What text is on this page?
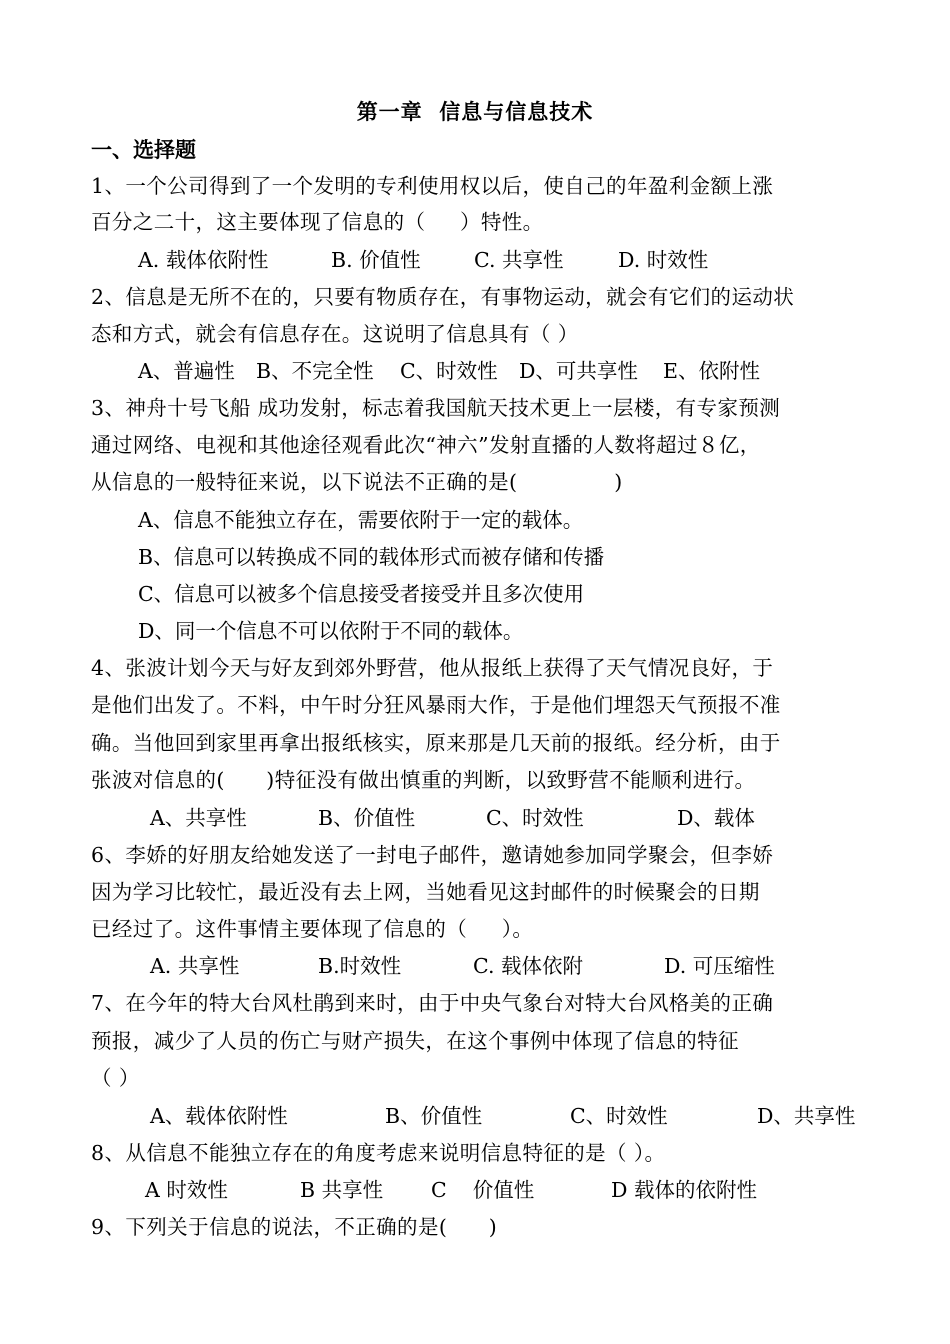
第一章  信息与信息技术
一、选择题
1、一个公司得到了一个发明的专利使用权以后，使自己的年盈利金额上涨
百分之二十，这主要体现了信息的（     ）特性。
A. 载体依附性	B. 价值性	C. 共享性	D. 时效性
2、信息是无所不在的，只要有物质存在，有事物运动，就会有它们的运动状
态和方式，就会有信息存在。这说明了信息具有（ ）
A、普遍性 B、不完全性 C、时效性 D、可共享性 E、依附性
3、神舟十号飞船 成功发射，标志着我国航天技术更上一层楼，有专家预测
通过网络、电视和其他途径观看此次“神六”发射直播的人数将超过８亿，
从信息的一般特征来说，以下说法不正确的是(              )
A、信息不能独立存在，需要依附于一定的载体。
B、信息可以转换成不同的载体形式而被存储和传播
C、信息可以被多个信息接受者接受并且多次使用
D、同一个信息不可以依附于不同的载体。
4、张波计划今天与好友到郊外野营，他从报纸上获得了天气情况良好，于
是他们出发了。不料，中午时分狂风暴雨大作，于是他们埋怨天气预报不准
确。当他回到家里再拿出报纸核实，原来那是几天前的报纸。经分析，由于
张波对信息的(      )特征没有做出慎重的判断，以致野营不能顺利进行。
A、共享性	B、价值性	C、时效性	D、载体
6、李娇的好朋友给她发送了一封电子邮件，邀请她参加同学聚会，但李娇
因为学习比较忙，最近没有去上网，当她看见这封邮件的时候聚会的日期
已经过了。这件事情主要体现了信息的（     ）。
A. 共享性	B.时效性	C. 载体依附	D. 可压缩性
7、在今年的特大台风杜鹃到来时，由于中央气象台对特大台风格美的正确
预报，减少了人员的伤亡与财产损失，在这个事例中体现了信息的特征
（ ）
A、载体依附性	B、价值性	C、时效性	D、共享性
8、从信息不能独立存在的角度考虑来说明信息特征的是（ ）。
A 时效性	B 共享性 C    价值性	D 载体的依附性
9、下列关于信息的说法，不正确的是(      )
